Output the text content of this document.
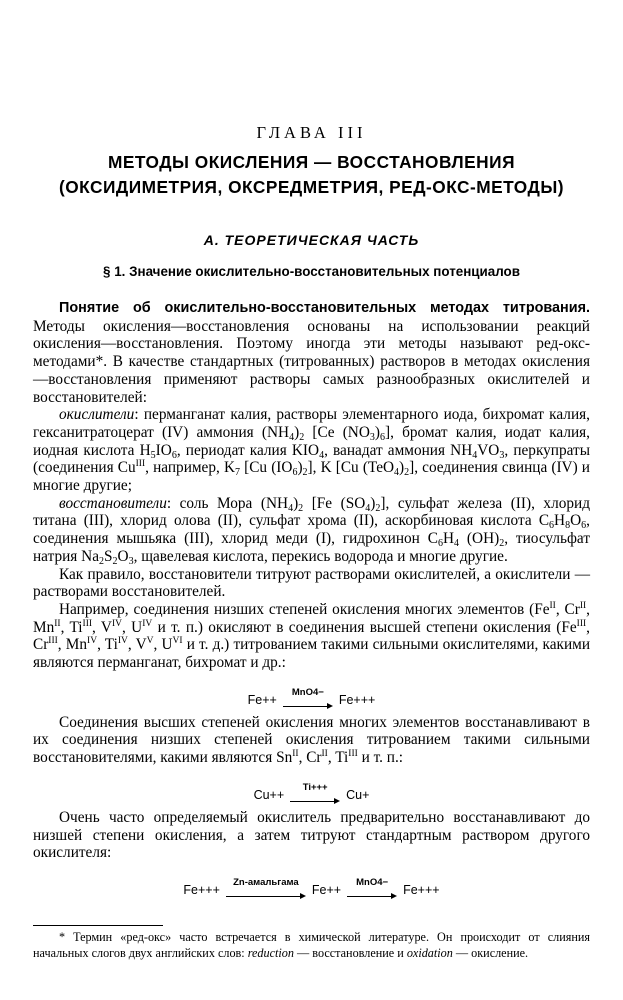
ГЛАВА III
МЕТОДЫ ОКИСЛЕНИЯ — ВОССТАНОВЛЕНИЯ
(ОКСИДИМЕТРИЯ, ОКСРЕДМЕТРИЯ, РЕД-ОКС-МЕТОДЫ)
А. ТЕОРЕТИЧЕСКАЯ ЧАСТЬ
§ 1. Значение окислительно-восстановительных потенциалов

Понятие об окислительно-восстановительных методах титрования. Методы окисления—восстановления основаны на использовании реакций окисления—восстановления. Поэтому иногда эти методы называют ред-окс-методами*. В качестве стандартных (титрованных) растворов в методах окисления—восстановления применяют растворы самых разнообразных окислителей и восстановителей:

окислители: перманганат калия, растворы элементарного иода, бихромат калия, гексанитратоцерат (IV) аммония $(NH_4)_2$ [Ce $(NO_3)_6$], бромат калия, иодат калия, иодная кислота $H_5IO_6$, периодат калия $KIO_4$, ванадат аммония $NH_4VO_3$, перкупраты (соединения $Cu^{III}$, например, $K_7$ [Cu $(IO_6)_2$], K [Cu $(TeO_4)_2$], соединения свинца (IV) и многие другие;

восстановители: соль Мора $(NH_4)_2$ [Fe $(SO_4)_2$], сульфат железа (II), хлорид титана (III), хлорид олова (II), сульфат хрома (II), аскорбиновая кислота $C_6H_8O_6$, соединения мышьяка (III), хлорид меди (I), гидрохинон $C_6H_4$ $(OH)_2$, тиосульфат натрия $Na_2S_2O_3$, щавелевая кислота, перекись водорода и многие другие.

Как правило, восстановители титруют растворами окислителей, а окислители — растворами восстановителей.

Например, соединения низших степеней окисления многих элементов ($Fe^{II}$, $Cr^{II}$, $Mn^{II}$, $Ti^{III}$, $V^{IV}$, $U^{IV}$ и т. п.) окисляют в соединения высшей степени окисления ($Fe^{III}$, $Cr^{III}$, $Mn^{IV}$, $Ti^{IV}$, $V^V$, $U^{VI}$ и т. д.) титрованием такими сильными окислителями, какими являются перманганат, бихромат и др.:

Fe++
MnO4−
Fe+++

Соединения высших степеней окисления многих элементов восстанавливают в их соединения низших степеней окисления титрованием такими сильными восстановителями, какими являются $Sn^{II}$, $Cr^{II}$, $Ti^{III}$ и т. п.:

Cu++
Ti+++
Cu+

Очень часто определяемый окислитель предварительно восстанавливают до низшей степени окисления, а затем титруют стандартным раствором другого окислителя:

Fe+++
Zn-амальгама
Fe++
MnO4−
Fe+++
* Термин «ред-окс» часто встречается в химической литературе. Он происходит от слияния начальных слогов двух английских слов: reduction — восстановление и oxidation — окисление.
